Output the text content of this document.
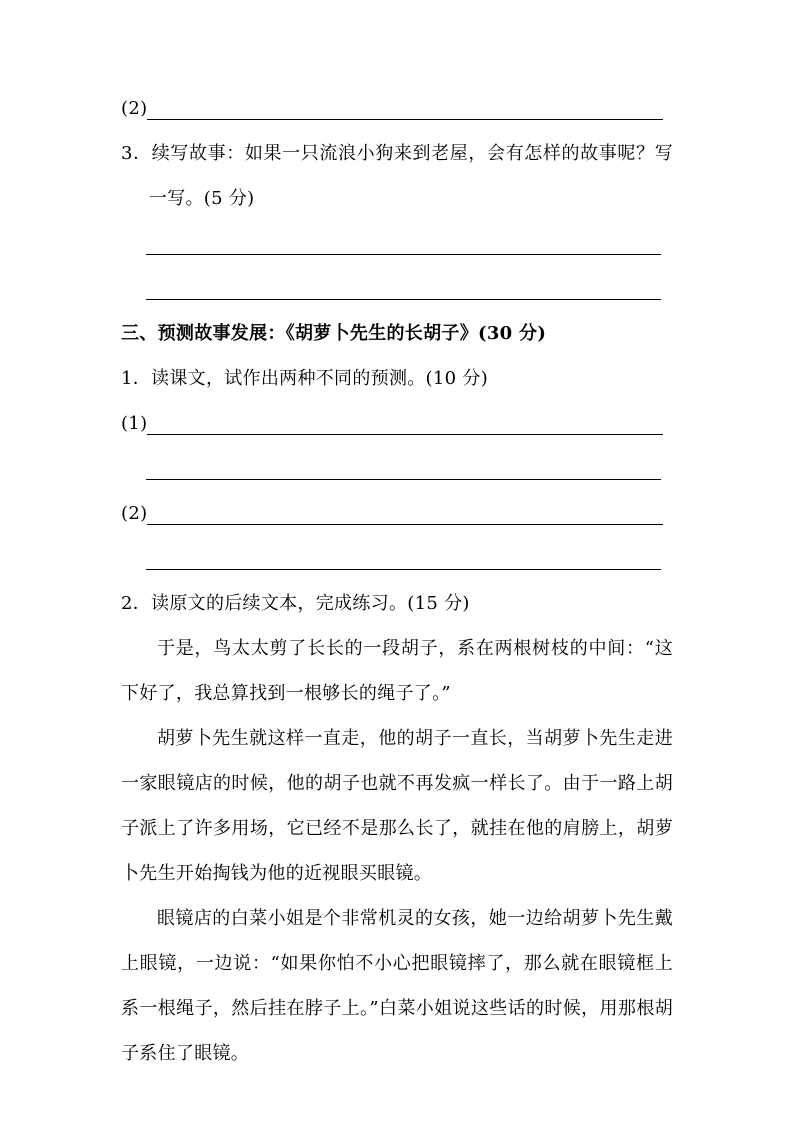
(2)
3．续写故事：如果一只流浪小狗来到老屋，会有怎样的故事呢？写一写。(5 分)
三、预测故事发展：《胡萝卜先生的长胡子》(30 分)
1．读课文，试作出两种不同的预测。(10 分)
(1)
(2)
2．读原文的后续文本，完成练习。(15 分)

于是，鸟太太剪了长长的一段胡子，系在两根树枝的中间：“这下好了，我总算找到一根够长的绳子了。”

胡萝卜先生就这样一直走，他的胡子一直长，当胡萝卜先生走进一家眼镜店的时候，他的胡子也就不再发疯一样长了。由于一路上胡子派上了许多用场，它已经不是那么长了，就挂在他的肩膀上，胡萝卜先生开始掏钱为他的近视眼买眼镜。

眼镜店的白菜小姐是个非常机灵的女孩，她一边给胡萝卜先生戴上眼镜，一边说：“如果你怕不小心把眼镜摔了，那么就在眼镜框上系一根绳子，然后挂在脖子上。”白菜小姐说这些话的时候，用那根胡子系住了眼镜。
